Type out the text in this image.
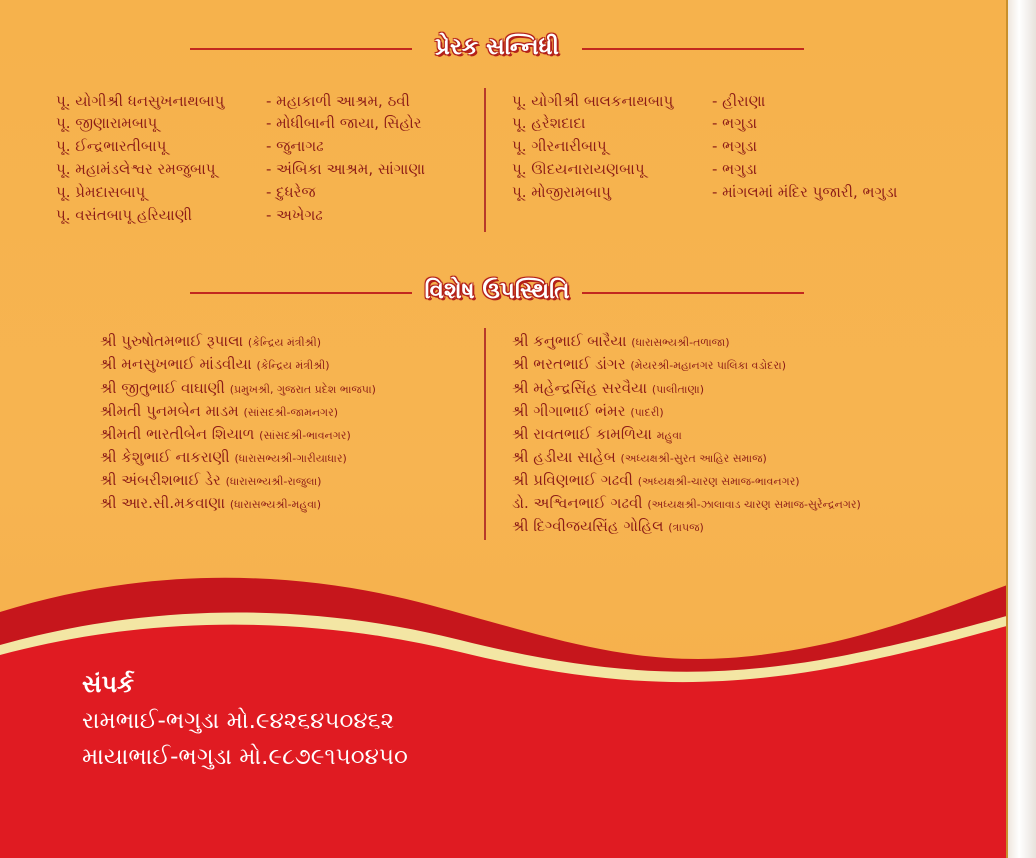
પ્રેરક સન્નિધી
પૂ. યોગીશ્રી ધનસુખનાથબાપુ	- મહાકાળી આશ્રમ, ઠવી
પૂ. જીણારામબાપૂ	- મોધીબાની જાયા, સિહોર
પૂ. ઈન્દ્રભારતીબાપૂ	- જુનાગઢ
પૂ. મહામંડલેશ્વર રમજુબાપૂ	- અંબિકા આશ્રમ, સાંગાણા
પૂ. પ્રેમદાસબાપૂ	- દુધરેજ
પૂ. વસંતબાપૂ હરિયાણી	- અખેગઢ
પૂ. યોગીશ્રી બાલકનાથબાપુ	- હીરાણા
પૂ. હરેશદાદા	- ભગુડા
પૂ. ગીરનારીબાપૂ	- ભગુડા
પૂ. ઊદયનારાયણબાપૂ	- ભગુડા
પૂ. મોજીરામબાપુ	- માંગલમાં મંદિર પુજારી, ભગુડા
વિશેષ ઉપસ્થિતિ
શ્રી પુરુષોતમભાઈ રૂપાલા (કેન્દ્રિય મંત્રીશ્રી)
શ્રી મનસુખભાઈ માંડવીયા (કેન્દ્રિય મંત્રીશ્રી)
શ્રી જીતુભાઈ વાઘાણી (પ્રમુખશ્રી, ગુજરાત પ્રદેશ ભાજપા)
શ્રીમતી પુનમબેન માડમ (સાંસદશ્રી-જામનગર)
શ્રીમતી ભારતીબેન શિયાળ (સાંસદશ્રી-ભાવનગર)
શ્રી કેશુભાઈ નાકરાણી (ધારાસભ્યશ્રી-ગારીયાધાર)
શ્રી અંબરીશભાઈ ડેર (ધારાસભ્યશ્રી-રાજુલા)
શ્રી આર.સી.મકવાણા (ધારાસભ્યશ્રી-મહુવા)
શ્રી કનુભાઈ બારૈયા (ધારાસભ્યશ્રી-તળાજા)
શ્રી ભરતભાઈ ડાંગર (મેયરશ્રી-મહાનગર પાલિકા વડોદરા)
શ્રી મહેન્દ્રસિંહ સરવૈયા (પાલીતાણા)
શ્રી ગીગાભાઈ ભંમર (પાદરી)
શ્રી રાવતભાઈ કામળિયા મહુવા
શ્રી હડીયા સાહેબ (અધ્યક્ષશ્રી-સુરત આહિર સમાજ)
શ્રી પ્રવિણભાઈ ગઢવી (અધ્યક્ષશ્રી-ચારણ સમાજ-ભાવનગર)
ડો. અશ્વિનભાઈ ગઢવી (અધ્યક્ષશ્રી-ઝાલાવાડ ચારણ સમાજ-સુરેન્દ્રનગર)
શ્રી દિગ્વીજયસિંહ ગોહિલ (ત્રાપજ)
સંપર્ક
રામભાઈ-ભગુડા મો.૯૪૨૬૪૫૦૪૬૨
માયાભાઈ-ભગુડા મો.૯૮૭૯૧૫૦૪૫૦
